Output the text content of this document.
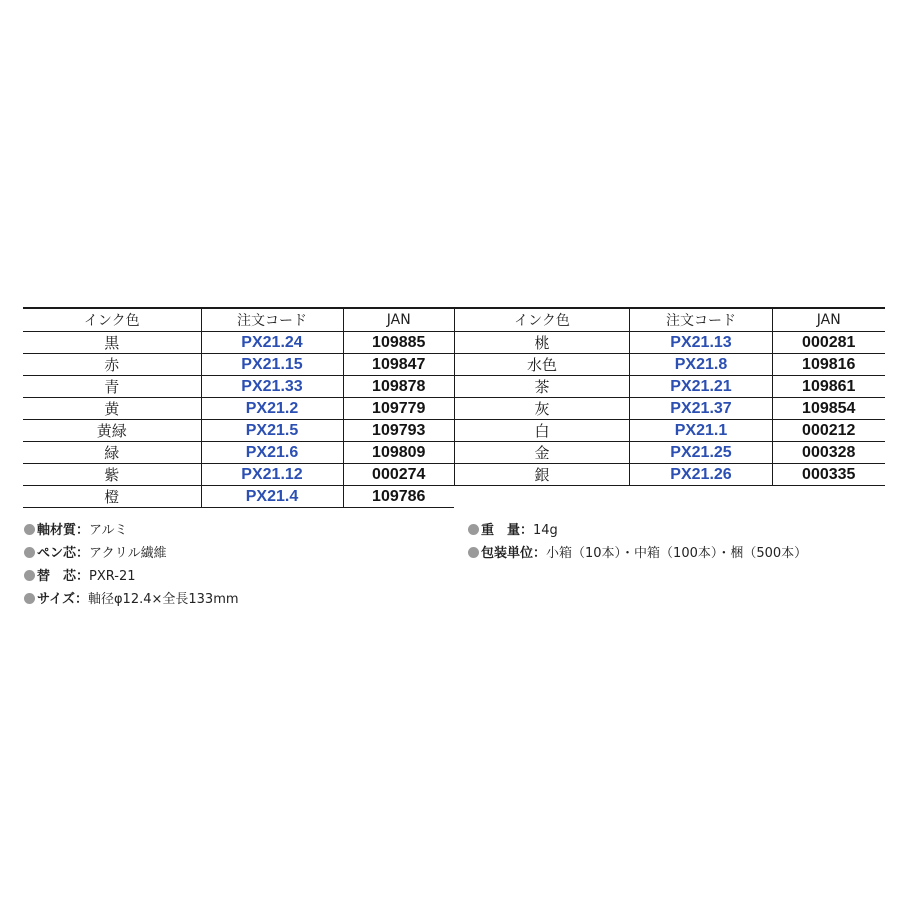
インク色	注文コード	JAN
黒	PX21.24	109885
赤	PX21.15	109847
青	PX21.33	109878
黄	PX21.2	109779
黄緑	PX21.5	109793
緑	PX21.6	109809
紫	PX21.12	000274
橙	PX21.4	109786
インク色	注文コード	JAN
桃	PX21.13	000281
水色	PX21.8	109816
茶	PX21.21	109861
灰	PX21.37	109854
白	PX21.1	000212
金	PX21.25	000328
銀	PX21.26	000335
軸材質：アルミ
ペン芯：アクリル繊維
替　芯：PXR-21
サイズ：軸径φ12.4×全長133mm
重　量：14g
包装単位：小箱（10本）・中箱（100本）・梱（500本）
